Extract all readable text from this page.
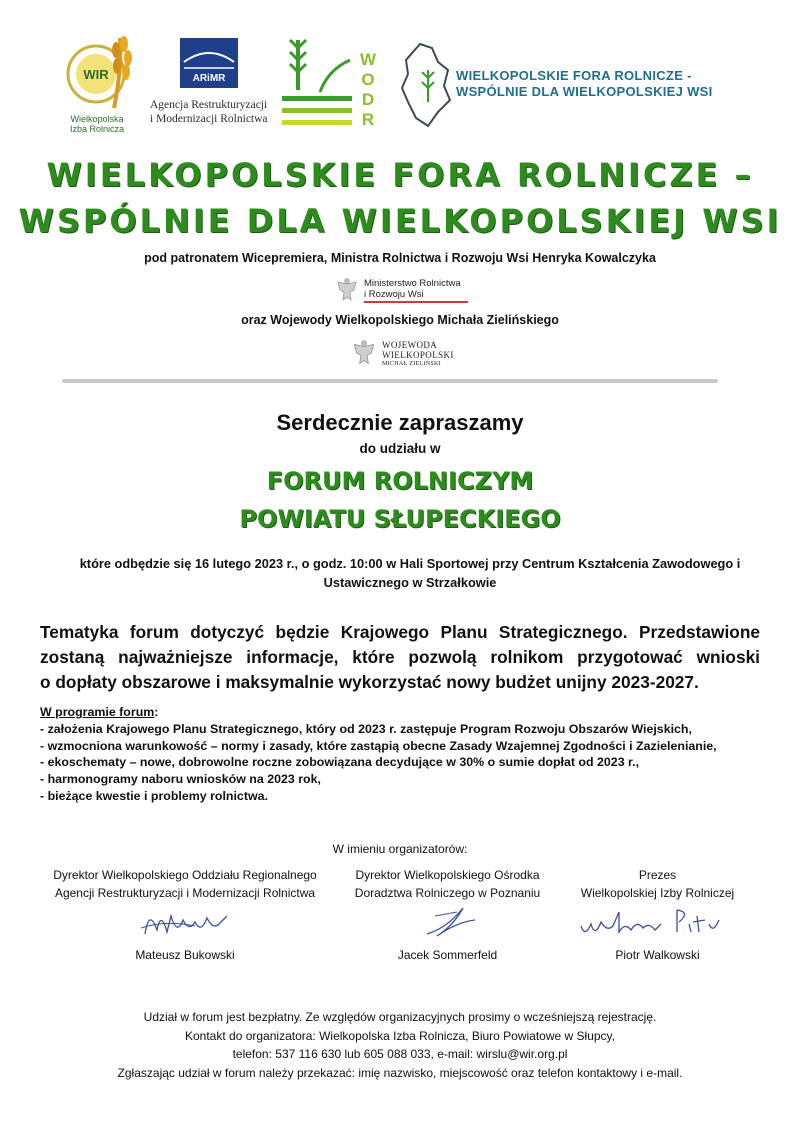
WIR
Wielkopolska
Izba Rolnicza
ARiMR
Agencja Restrukturyzacji
i Modernizacji Rolnictwa
W
O
D
R
WIELKOPOLSKIE FORA ROLNICZE -
WSPÓLNIE DLA WIELKOPOLSKIEJ WSI
WIELKOPOLSKIE FORA ROLNICZE –
WSPÓLNIE DLA WIELKOPOLSKIEJ WSI
pod patronatem Wicepremiera, Ministra Rolnictwa i Rozwoju Wsi Henryka Kowalczyka
Ministerstwo Rolnictwa
i Rozwoju Wsi
oraz Wojewody Wielkopolskiego Michała Zielińskiego
WOJEWODA
WIELKOPOLSKI
MICHAŁ ZIELIŃSKI
Serdecznie zapraszamy
do udziału w
FORUM ROLNICZYM
POWIATU SŁUPECKIEGO
które odbędzie się 16 lutego 2023 r., o godz. 10:00 w Hali Sportowej przy Centrum Kształcenia Zawodowego i
Ustawicznego w Strzałkowie
Tematyka forum dotyczyć będzie Krajowego Planu Strategicznego. Przedstawione
zostaną najważniejsze informacje, które pozwolą rolnikom przygotować wnioski
o dopłaty obszarowe i maksymalnie wykorzystać nowy budżet unijny 2023-2027.
W programie forum:
- założenia Krajowego Planu Strategicznego, który od 2023 r. zastępuje Program Rozwoju Obszarów Wiejskich,
- wzmocniona warunkowość – normy i zasady, które zastąpią obecne Zasady Wzajemnej Zgodności i Zazielenianie,
- ekoschematy – nowe, dobrowolne roczne zobowiązana decydujące w 30% o sumie dopłat od 2023 r.,
- harmonogramy naboru wniosków na 2023 rok,
- bieżące kwestie i problemy rolnictwa.
W imieniu organizatorów:
Dyrektor Wielkopolskiego Oddziału Regionalnego
Agencji Restrukturyzacji i Modernizacji Rolnictwa
Mateusz Bukowski
Dyrektor Wielkopolskiego Ośrodka
Doradztwa Rolniczego w Poznaniu
Jacek Sommerfeld
Prezes
Wielkopolskiej Izby Rolniczej
Piotr Walkowski
Udział w forum jest bezpłatny. Ze względów organizacyjnych prosimy o wcześniejszą rejestrację.
Kontakt do organizatora: Wielkopolska Izba Rolnicza, Biuro Powiatowe w Słupcy,
telefon: 537 116 630 lub 605 088 033, e-mail: wirslu@wir.org.pl
Zgłaszając udział w forum należy przekazać: imię nazwisko, miejscowość oraz telefon kontaktowy i e-mail.
